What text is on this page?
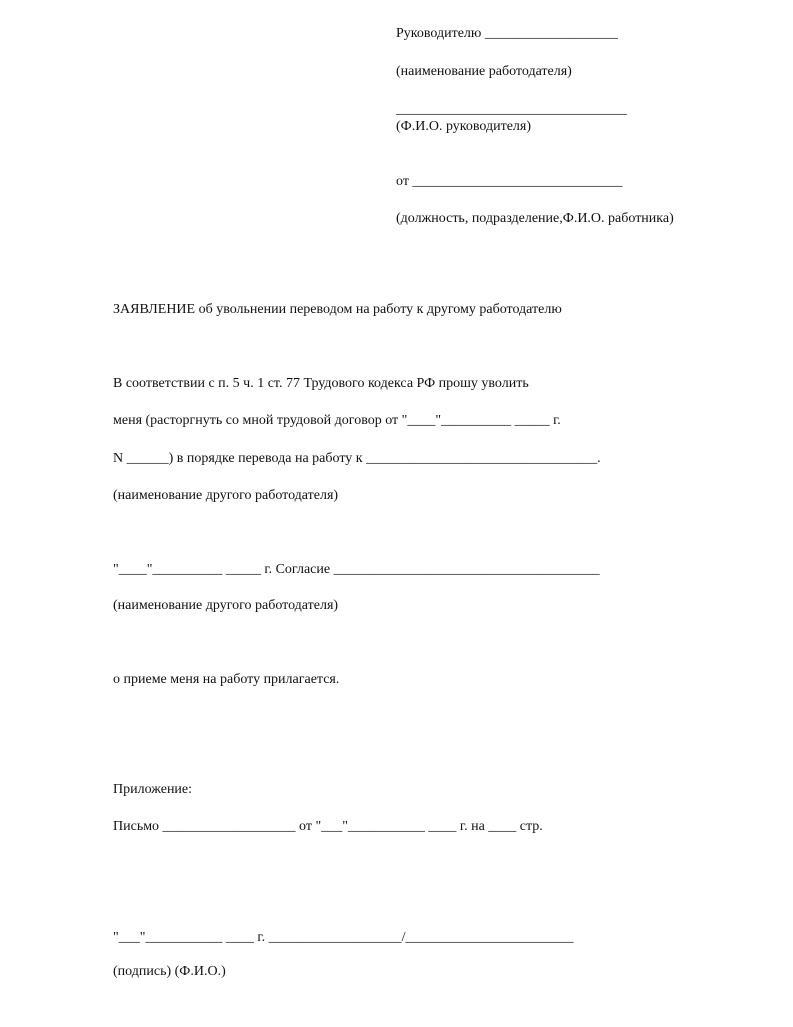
Руководителю ___________________
(наименование работодателя)
_________________________________
(Ф.И.О. руководителя)
от ______________________________
(должность, подразделение,Ф.И.О. работника)
ЗАЯВЛЕНИЕ об увольнении переводом на работу к другому работодателю
В соответствии с п. 5 ч. 1 ст. 77 Трудового кодекса РФ прошу уволить
меня (расторгнуть со мной трудовой договор от "____"__________ _____ г.
N ______) в порядке перевода на работу к _________________________________.
(наименование другого работодателя)
"____"__________ _____ г. Согласие ______________________________________
(наименование другого работодателя)
о приеме меня на работу прилагается.
Приложение:
Письмо ___________________ от "___"___________ ____ г. на ____ стр.
"___"___________ ____ г. ___________________/________________________
(подпись) (Ф.И.О.)
